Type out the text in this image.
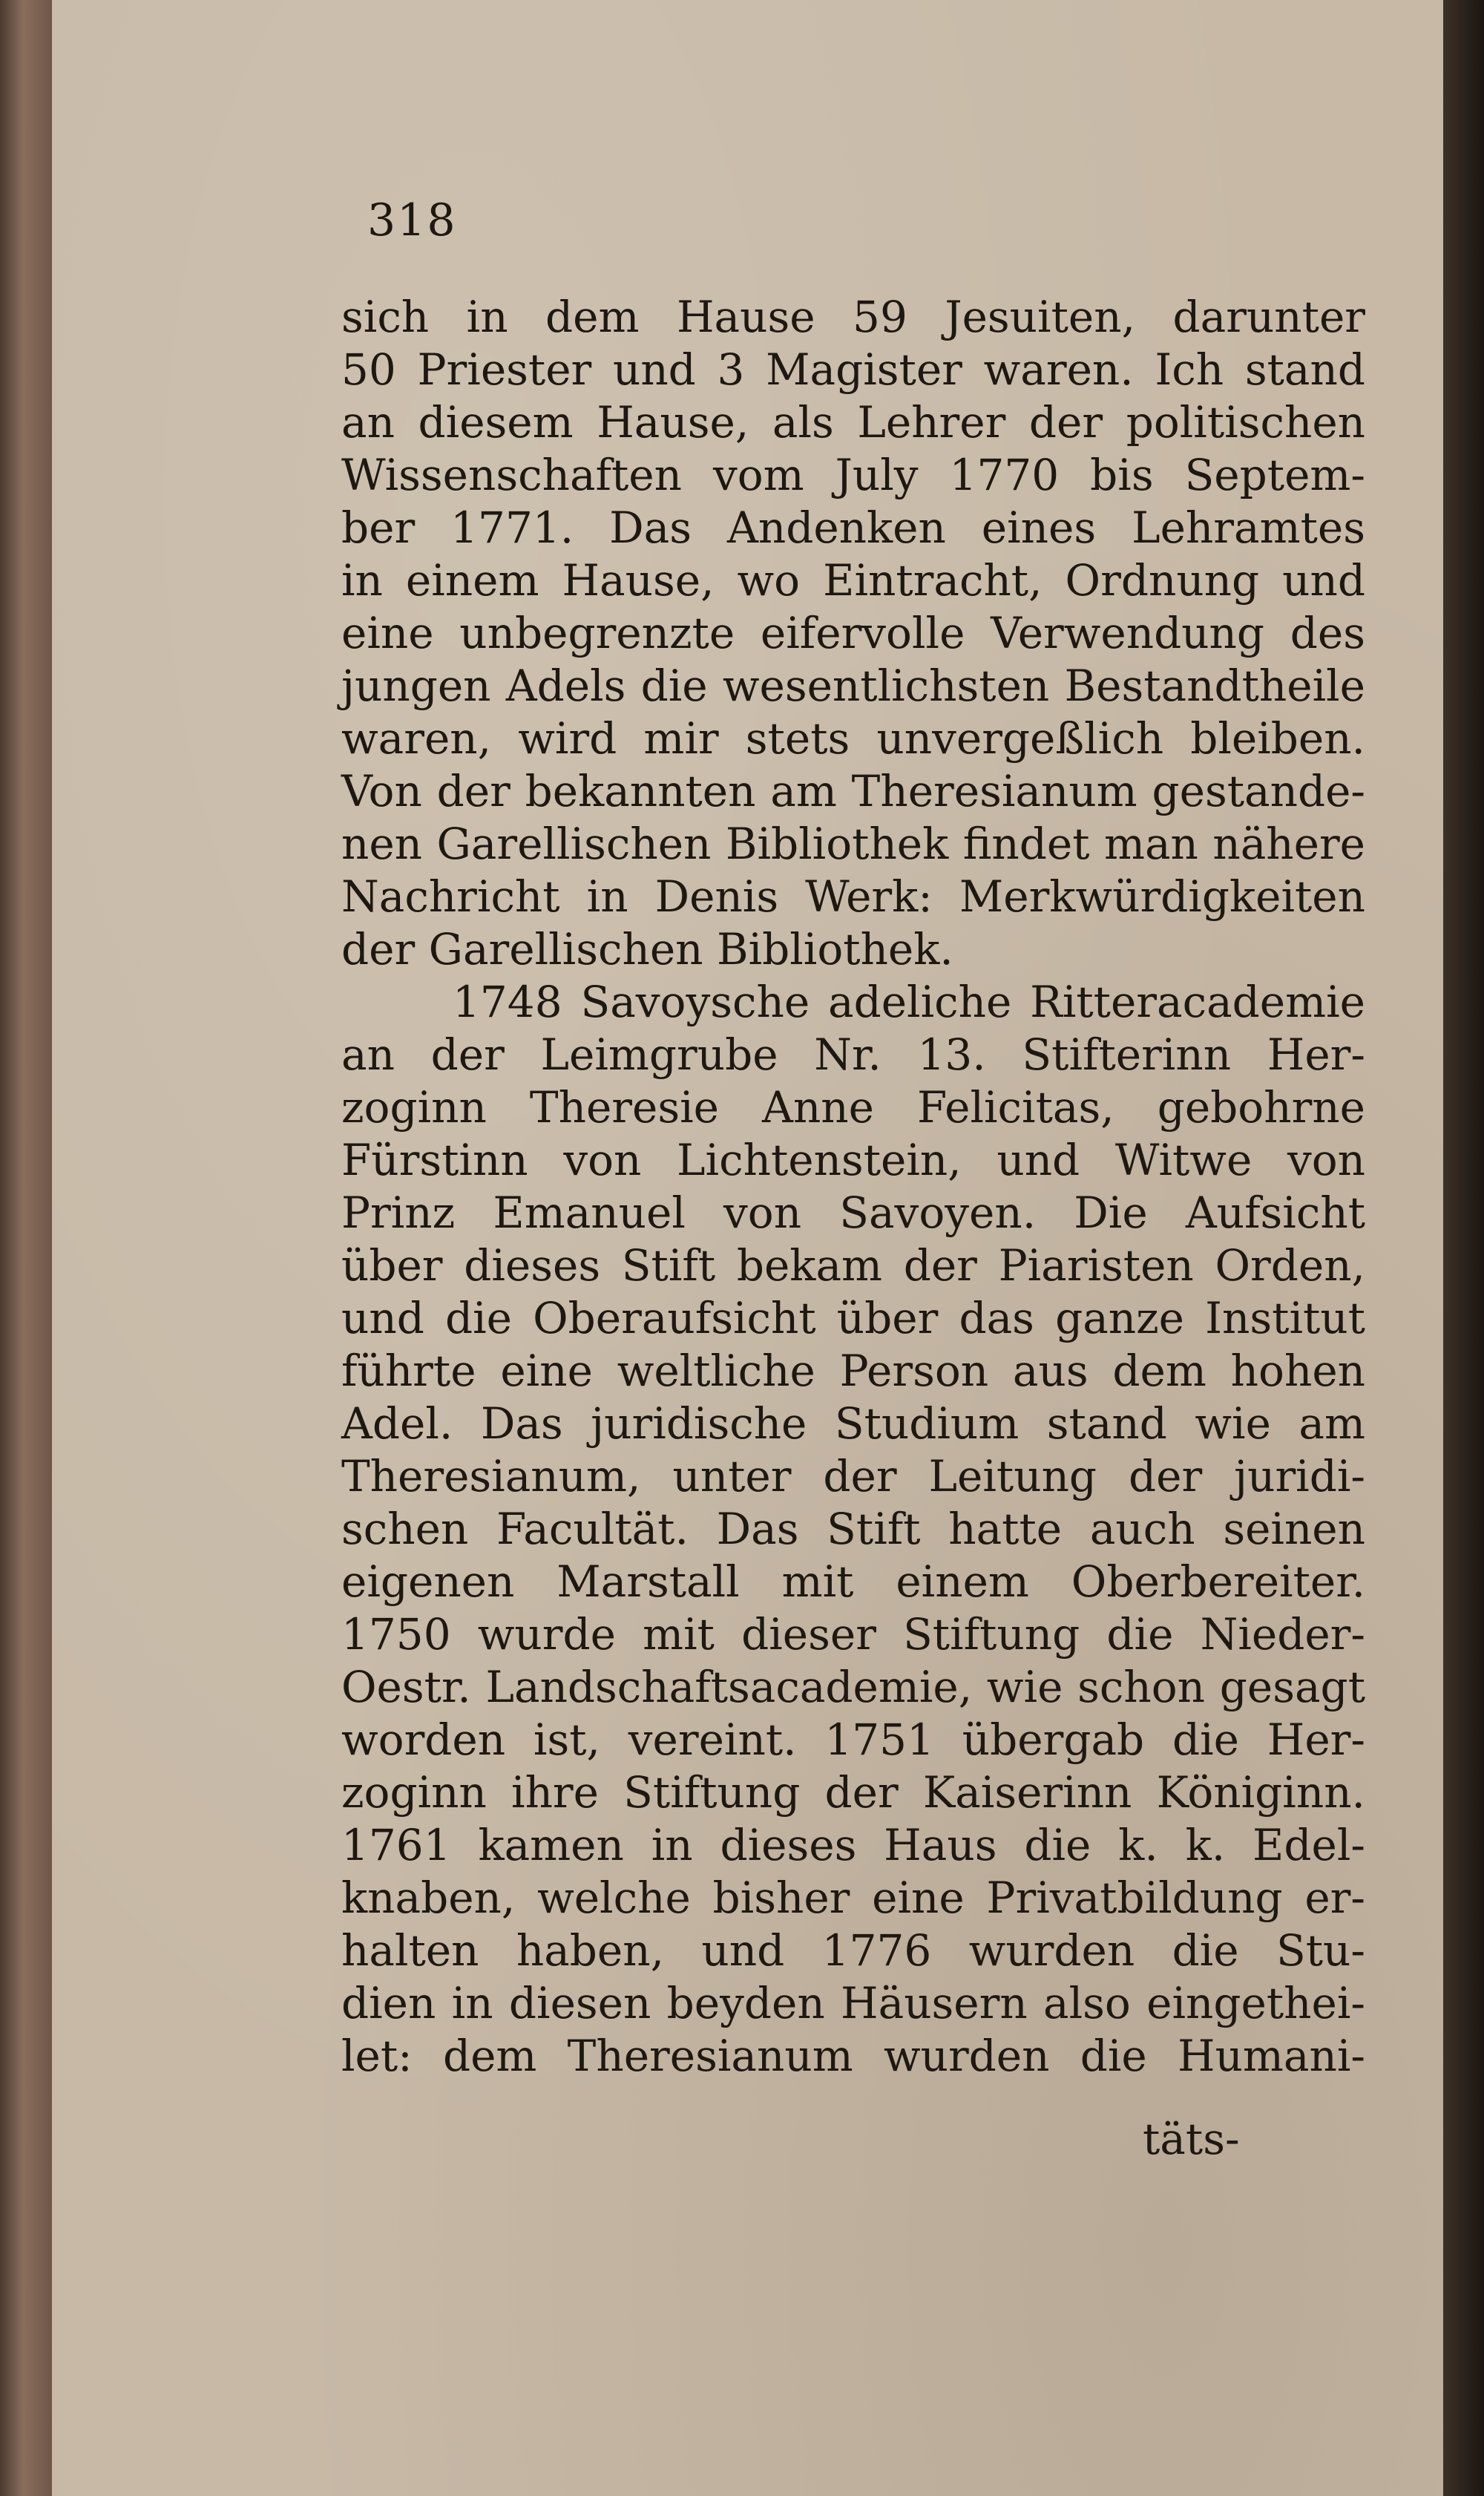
318
sich in dem Hause 59 Jesuiten, darunter
50 Priester und 3 Magister waren. Ich stand
an diesem Hause, als Lehrer der politischen
Wissenschaften vom July 1770 bis Septem-
ber 1771. Das Andenken eines Lehramtes
in einem Hause, wo Eintracht, Ordnung und
eine unbegrenzte eifervolle Verwendung des
jungen Adels die wesentlichsten Bestandtheile
waren, wird mir stets unvergeßlich bleiben.
Von der bekannten am Theresianum gestande-
nen Garellischen Bibliothek findet man nähere
Nachricht in Denis Werk: Merkwürdigkeiten
der Garellischen Bibliothek.
1748 Savoysche adeliche Ritteracademie
an der Leimgrube Nr. 13. Stifterinn Her-
zoginn Theresie Anne Felicitas, gebohrne
Fürstinn von Lichtenstein, und Witwe von
Prinz Emanuel von Savoyen. Die Aufsicht
über dieses Stift bekam der Piaristen Orden,
und die Oberaufsicht über das ganze Institut
führte eine weltliche Person aus dem hohen
Adel. Das juridische Studium stand wie am
Theresianum, unter der Leitung der juridi-
schen Facultät. Das Stift hatte auch seinen
eigenen Marstall mit einem Oberbereiter.
1750 wurde mit dieser Stiftung die Nieder-
Oestr. Landschaftsacademie, wie schon gesagt
worden ist, vereint. 1751 übergab die Her-
zoginn ihre Stiftung der Kaiserinn Königinn.
1761 kamen in dieses Haus die k. k. Edel-
knaben, welche bisher eine Privatbildung er-
halten haben, und 1776 wurden die Stu-
dien in diesen beyden Häusern also eingethei-
let: dem Theresianum wurden die Humani-
täts-
